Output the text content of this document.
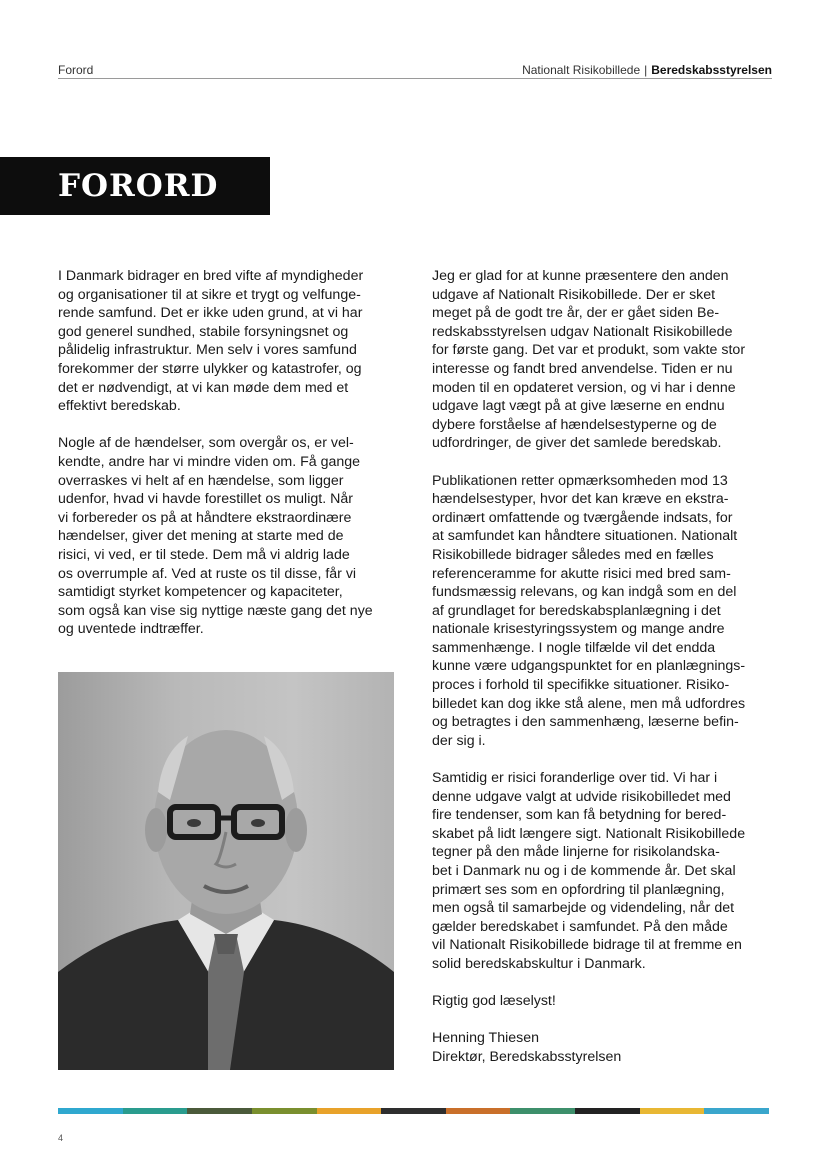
Forord	Nationalt Risikobillede | Beredskabsstyrelsen
FORORD

I Danmark bidrager en bred vifte af myndigheder
og organisationer til at sikre et trygt og velfunge-
rende samfund. Det er ikke uden grund, at vi har
god generel sundhed, stabile forsyningsnet og
pålidelig infrastruktur. Men selv i vores samfund
forekommer der større ulykker og katastrofer, og
det er nødvendigt, at vi kan møde dem med et
effektivt beredskab.

Nogle af de hændelser, som overgår os, er vel-
kendte, andre har vi mindre viden om. Få gange
overraskes vi helt af en hændelse, som ligger
udenfor, hvad vi havde forestillet os muligt. Når
vi forbereder os på at håndtere ekstraordinære
hændelser, giver det mening at starte med de
risici, vi ved, er til stede. Dem må vi aldrig lade
os overrumple af. Ved at ruste os til disse, får vi
samtidigt styrket kompetencer og kapaciteter,
som også kan vise sig nyttige næste gang det nye
og uventede indtræffer.

Jeg er glad for at kunne præsentere den anden
udgave af Nationalt Risikobillede. Der er sket
meget på de godt tre år, der er gået siden Be-
redskabsstyrelsen udgav Nationalt Risikobillede
for første gang. Det var et produkt, som vakte stor
interesse og fandt bred anvendelse. Tiden er nu
moden til en opdateret version, og vi har i denne
udgave lagt vægt på at give læserne en endnu
dybere forståelse af hændelsestyperne og de
udfordringer, de giver det samlede beredskab.

Publikationen retter opmærksomheden mod 13
hændelsestyper, hvor det kan kræve en ekstra-
ordinært omfattende og tværgående indsats, for
at samfundet kan håndtere situationen. Nationalt
Risikobillede bidrager således med en fælles
referenceramme for akutte risici med bred sam-
fundsmæssig relevans, og kan indgå som en del
af grundlaget for beredskabsplanlægning i det
nationale krisestyringssystem og mange andre
sammenhænge. I nogle tilfælde vil det endda
kunne være udgangspunktet for en planlægnings-
proces i forhold til specifikke situationer. Risiko-
billedet kan dog ikke stå alene, men må udfordres
og betragtes i den sammenhæng, læserne befin-
der sig i.

Samtidig er risici foranderlige over tid. Vi har i
denne udgave valgt at udvide risikobilledet med
fire tendenser, som kan få betydning for bered-
skabet på lidt længere sigt. Nationalt Risikobillede
tegner på den måde linjerne for risikolandska-
bet i Danmark nu og i de kommende år. Det skal
primært ses som en opfordring til planlægning,
men også til samarbejde og videndeling, når det
gælder beredskabet i samfundet. På den måde
vil Nationalt Risikobillede bidrage til at fremme en
solid beredskabskultur i Danmark.

Rigtig god læselyst!

Henning Thiesen
Direktør, Beredskabsstyrelsen
4
